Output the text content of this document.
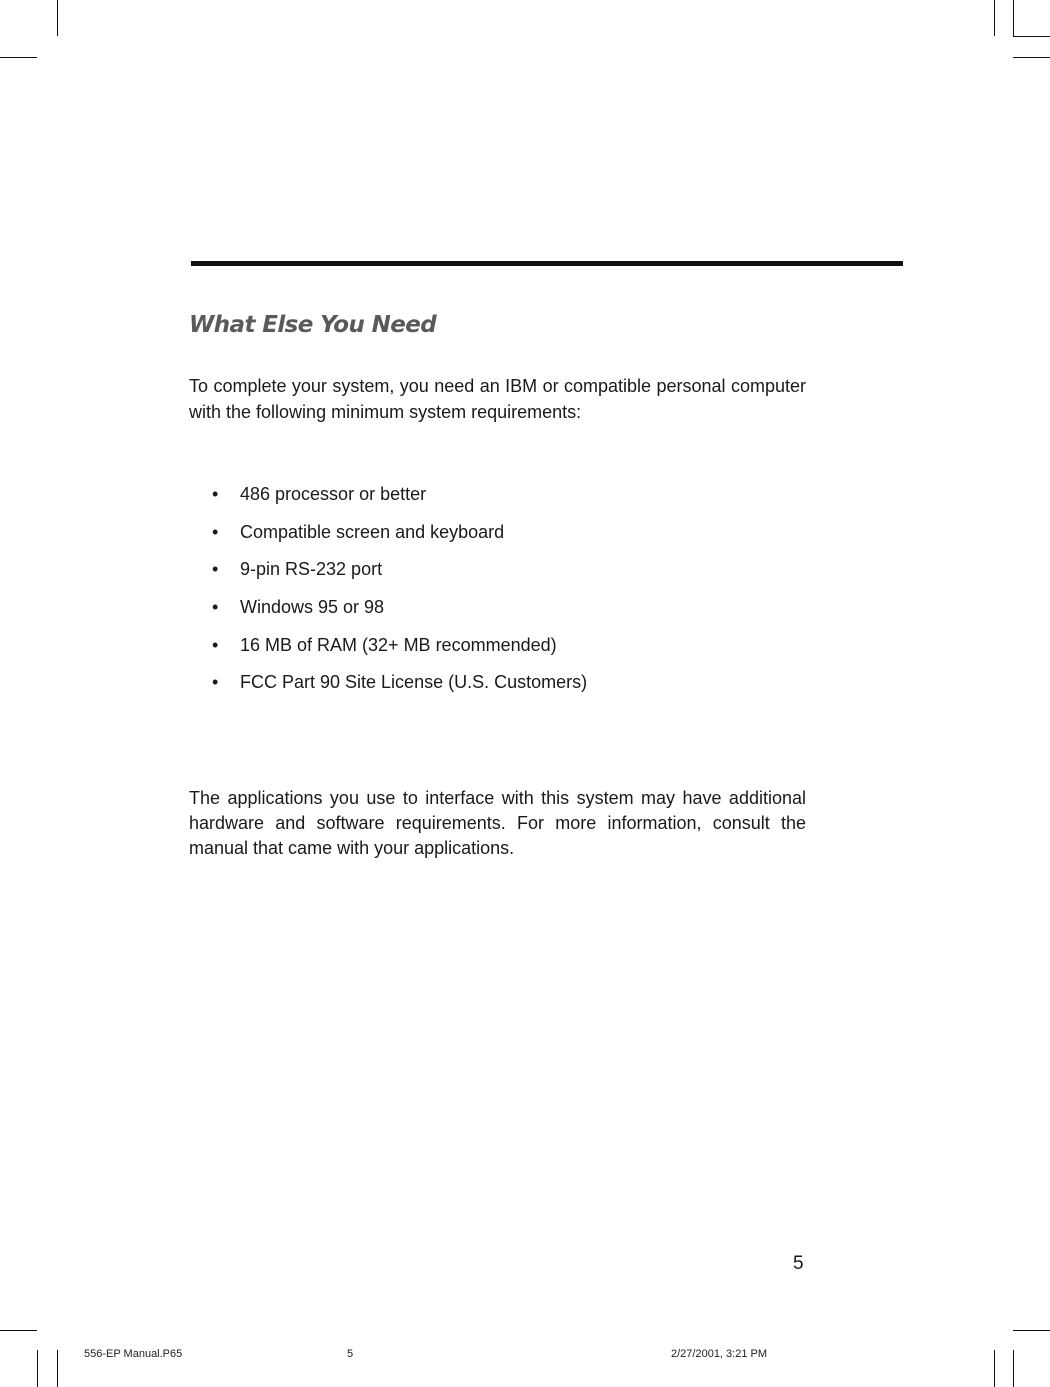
What Else You Need

To complete your system, you need an IBM or compatible personal computer with the following minimum system requirements:

•	486 processor or better
•	Compatible screen and keyboard
•	9-pin RS-232 port
•	Windows 95 or 98
•	16 MB of RAM (32+ MB recommended)
•	FCC Part 90 Site License (U.S. Customers)

The applications you use to interface with this system may have additional hardware and software requirements. For more information, consult the manual that came with your applications.

5
556-EP Manual.P65	5	2/27/2001, 3:21 PM
